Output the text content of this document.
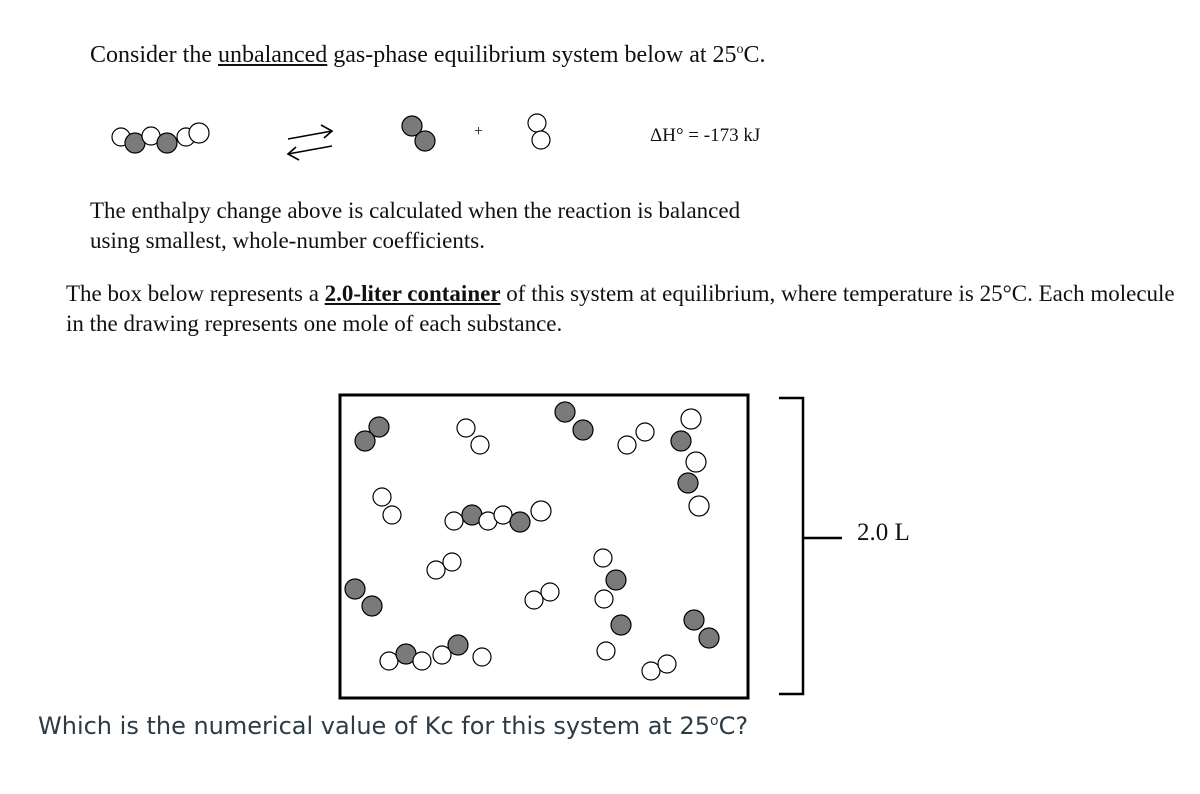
Consider the unbalanced gas-phase equilibrium system below at $25^oC$.
+	ΔH° = -173 kJ
The enthalpy change above is calculated when the reaction is balanced
using smallest, whole-number coefficients.
The box below represents a 2.0-liter container of this system at equilibrium, where temperature is 25°C. Each molecule in the drawing represents one mole of each substance.
2.0 L
Which is the numerical value of Kc for this system at 25$^o$C?
